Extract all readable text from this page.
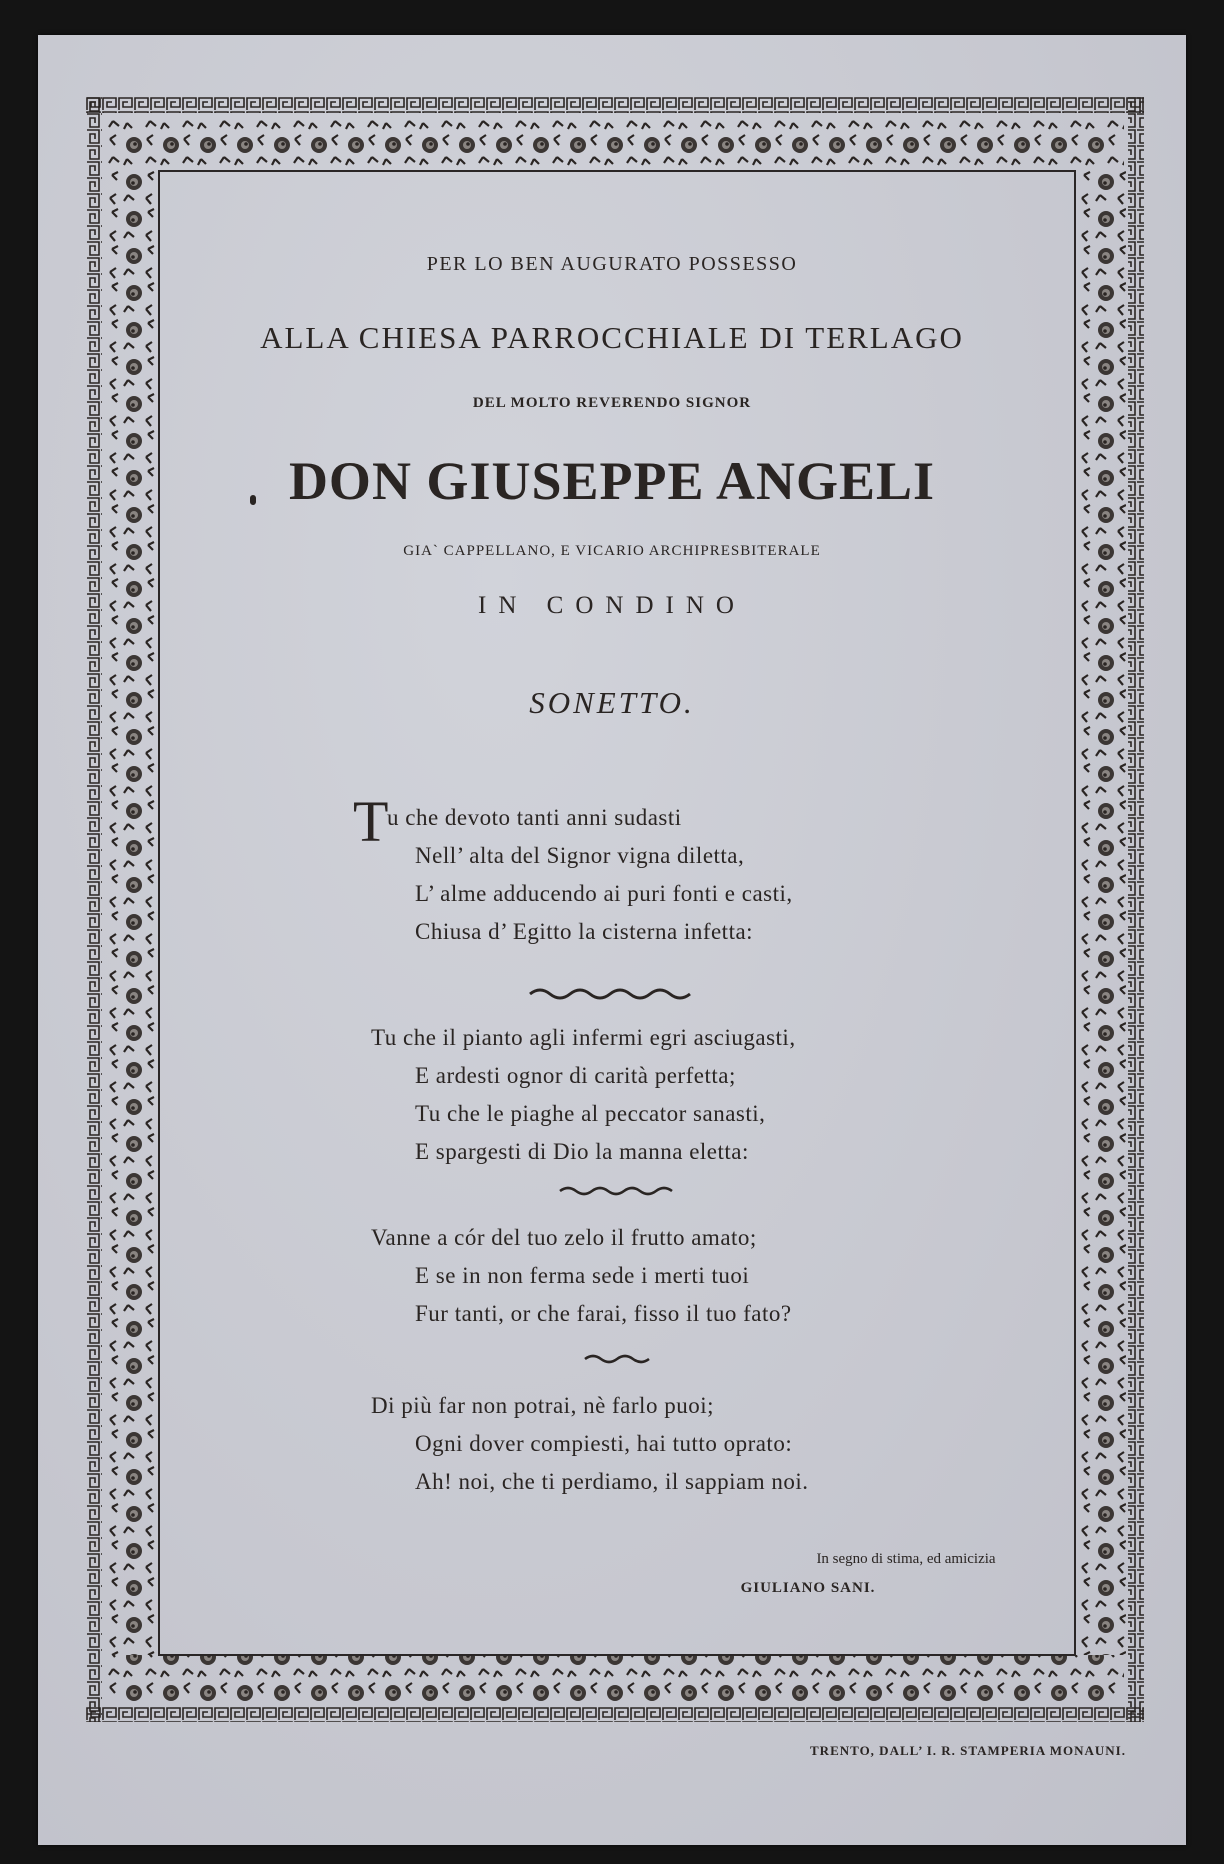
PER LO BEN AUGURATO POSSESSO
ALLA CHIESA PARROCCHIALE DI TERLAGO
DEL MOLTO REVERENDO SIGNOR
DON GIUSEPPE ANGELI
GIA` CAPPELLANO, E VICARIO ARCHIPRESBITERALE
IN CONDINO
SONETTO.
T
u che devoto tanti anni sudasti
Nell’ alta del Signor vigna diletta,
L’ alme adducendo ai puri fonti e casti,
Chiusa d’ Egitto la cisterna infetta:
Tu che il pianto agli infermi egri asciugasti,
E ardesti ognor di carità perfetta;
Tu che le piaghe al peccator sanasti,
E spargesti di Dio la manna eletta:
Vanne a cór del tuo zelo il frutto amato;
E se in non ferma sede i merti tuoi
Fur tanti, or che farai, fisso il tuo fato?
Di più far non potrai, nè farlo puoi;
Ogni dover compiesti, hai tutto oprato:
Ah! noi, che ti perdiamo, il sappiam noi.
In segno di stima, ed amicizia
GIULIANO SANI.
TRENTO, DALL’ I. R. STAMPERIA MONAUNI.
